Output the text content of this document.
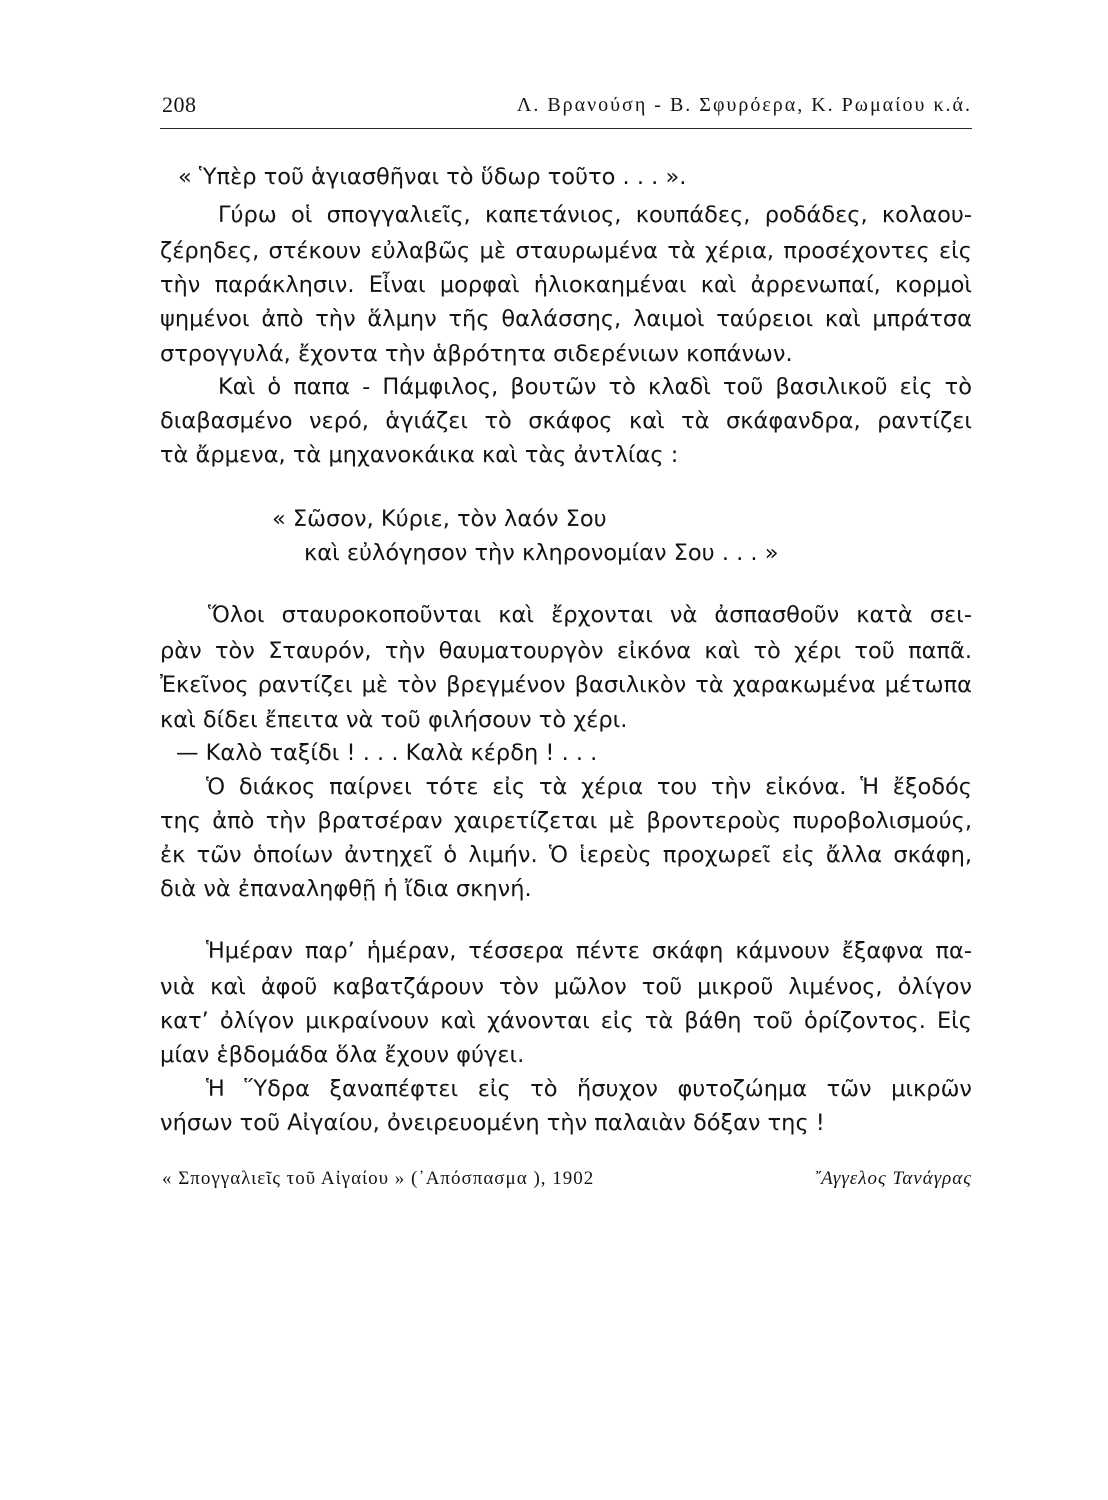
208	Λ. Βρανούση - Β. Σφυρόερα, Κ. Ρωμαίου κ.ά.
« Ὑπὲρ τοῦ ἁγιασθῆναι τὸ ὕδωρ τοῦτο . . . ».
Γύρω οἱ σπογγαλιεῖς, καπετάνιος, κουπάδες, ροδάδες, κολαου-
ζέρηδες, στέκουν εὐλαβῶς μὲ σταυρωμένα τὰ χέρια, προσέχοντες εἰς
τὴν παράκλησιν. Εἶναι μορφαὶ ἡλιοκαημέναι καὶ ἀρρενωπαί, κορμοὶ
ψημένοι ἀπὸ τὴν ἅλμην τῆς θαλάσσης, λαιμοὶ ταύρειοι καὶ μπράτσα
στρογγυλά, ἔχοντα τὴν ἁβρότητα σιδερένιων κοπάνων.
Καὶ ὁ παπα - Πάμφιλος, βουτῶν τὸ κλαδὶ τοῦ βασιλικοῦ εἰς τὸ
διαβασμένο νερό, ἁγιάζει τὸ σκάφος καὶ τὰ σκάφανδρα, ραντίζει
τὰ ἄρμενα, τὰ μηχανοκάικα καὶ τὰς ἀντλίας :
« Σῶσον, Κύριε, τὸν λαόν Σου
καὶ εὐλόγησον τὴν κληρονομίαν Σου . . . »
Ὅλοι σταυροκοποῦνται καὶ ἔρχονται νὰ ἀσπασθοῦν κατὰ σει-
ρὰν τὸν Σταυρόν, τὴν θαυματουργὸν εἰκόνα καὶ τὸ χέρι τοῦ παπᾶ.
Ἐκεῖνος ραντίζει μὲ τὸν βρεγμένον βασιλικὸν τὰ χαρακωμένα μέτωπα
καὶ δίδει ἔπειτα νὰ τοῦ φιλήσουν τὸ χέρι.
— Καλὸ ταξίδι ! . . . Καλὰ κέρδη ! . . .
Ὁ διάκος παίρνει τότε εἰς τὰ χέρια του τὴν εἰκόνα. Ἡ ἔξοδός
της ἀπὸ τὴν βρατσέραν χαιρετίζεται μὲ βροντεροὺς πυροβολισμούς,
ἐκ τῶν ὁποίων ἀντηχεῖ ὁ λιμήν. Ὁ ἱερεὺς προχωρεῖ εἰς ἄλλα σκάφη,
διὰ νὰ ἐπαναληφθῇ ἡ ἴδια σκηνή.
Ἡμέραν παρ’ ἡμέραν, τέσσερα πέντε σκάφη κάμνουν ἔξαφνα πα-
νιὰ καὶ ἀφοῦ καβατζάρουν τὸν μῶλον τοῦ μικροῦ λιμένος, ὀλίγον
κατ’ ὀλίγον μικραίνουν καὶ χάνονται εἰς τὰ βάθη τοῦ ὁρίζοντος. Εἰς
μίαν ἑβδομάδα ὅλα ἔχουν φύγει.
Ἡ Ὕδρα ξαναπέφτει εἰς τὸ ἥσυχον φυτοζώημα τῶν μικρῶν
νήσων τοῦ Αἰγαίου, ὀνειρευομένη τὴν παλαιὰν δόξαν της !
« Σπογγαλιεῖς τοῦ Αἰγαίου » (᾿Απόσπασμα ), 1902	῎Αγγελος Τανάγρας
